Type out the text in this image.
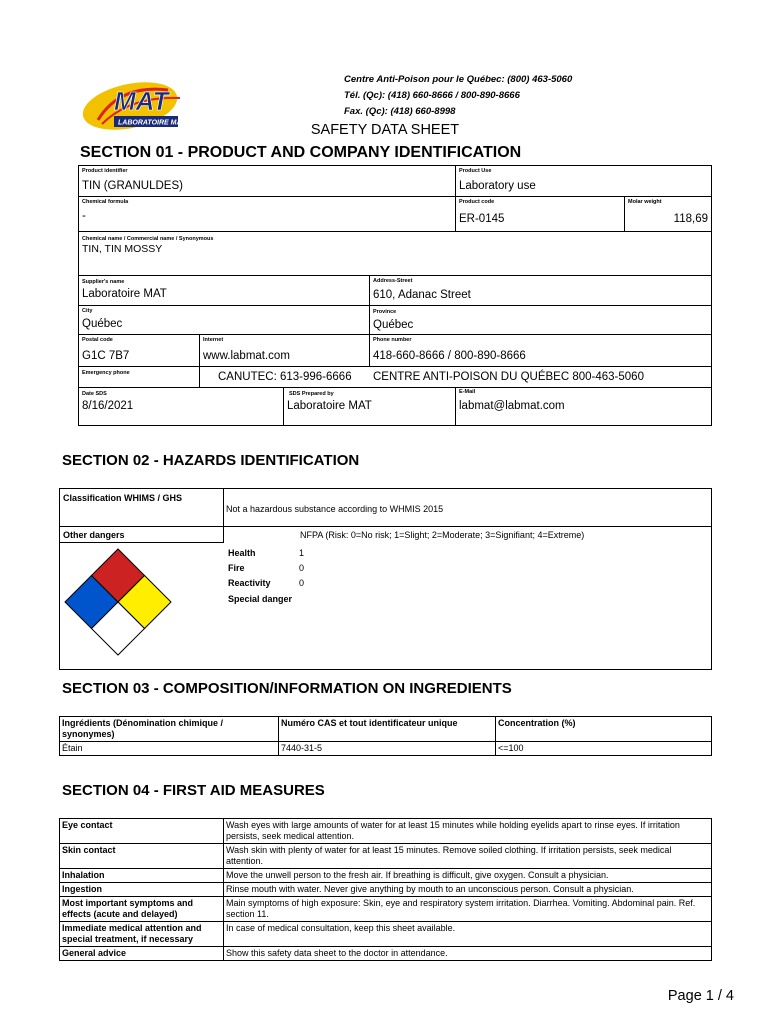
MAT
LABORATOIRE MAT
Centre Anti-Poison pour le Québec: (800) 463-5060
Tél. (Qc): (418) 660-8666 / 800-890-8666
Fax. (Qc): (418) 660-8998
SAFETY DATA SHEET
SECTION 01 - PRODUCT AND COMPANY IDENTIFICATION
Product identifier
TIN (GRANULDES)
Product Use
Laboratory use
Chemical formula
-
Product code
ER-0145
Molar weight
118,69
Chemical name / Commercial name / Synonymous
TIN, TIN MOSSY
Supplier's name
Laboratoire MAT
Address-Street
610, Adanac Street
City
Québec
Province
Québec
Postal code
G1C 7B7
Internet
www.labmat.com
Phone number
418-660-8666 / 800-890-8666
Emergency phone	CANUTEC: 613-996-6666 CENTRE ANTI-POISON DU QUÉBEC 800-463-5060
Date SDS
8/16/2021
SDS Prepared by
Laboratoire MAT
E-Mail
labmat@labmat.com
SECTION 02 - HAZARDS IDENTIFICATION
Classification WHIMS / GHS
Not a hazardous substance according to WHMIS 2015
Other dangers	NFPA (Risk: 0=No risk; 1=Slight; 2=Moderate; 3=Signifiant; 4=Extreme)
Health	1
Fire	0
Reactivity	0
Special danger
SECTION 03 - COMPOSITION/INFORMATION ON INGREDIENTS
Ingrédients (Dénomination chimique / synonymes)	Numéro CAS et tout identificateur unique	Concentration (%)
Étain	7440-31-5	<=100
SECTION 04 - FIRST AID MEASURES
Eye contact	Wash eyes with large amounts of water for at least 15 minutes while holding eyelids apart to rinse eyes. If irritation persists, seek medical attention.
Skin contact	Wash skin with plenty of water for at least 15 minutes. Remove soiled clothing. If irritation persists, seek medical attention.
Inhalation	Move the unwell person to the fresh air. If breathing is difficult, give oxygen. Consult a physician.
Ingestion	Rinse mouth with water. Never give anything by mouth to an unconscious person. Consult a physician.
Most important symptoms and effects (acute and delayed)	Main symptoms of high exposure: Skin, eye and respiratory system irritation. Diarrhea. Vomiting. Abdominal pain. Ref. section 11.
Immediate medical attention and special treatment, if necessary	In case of medical consultation, keep this sheet available.
General advice	Show this safety data sheet to the doctor in attendance.
Page 1 / 4
